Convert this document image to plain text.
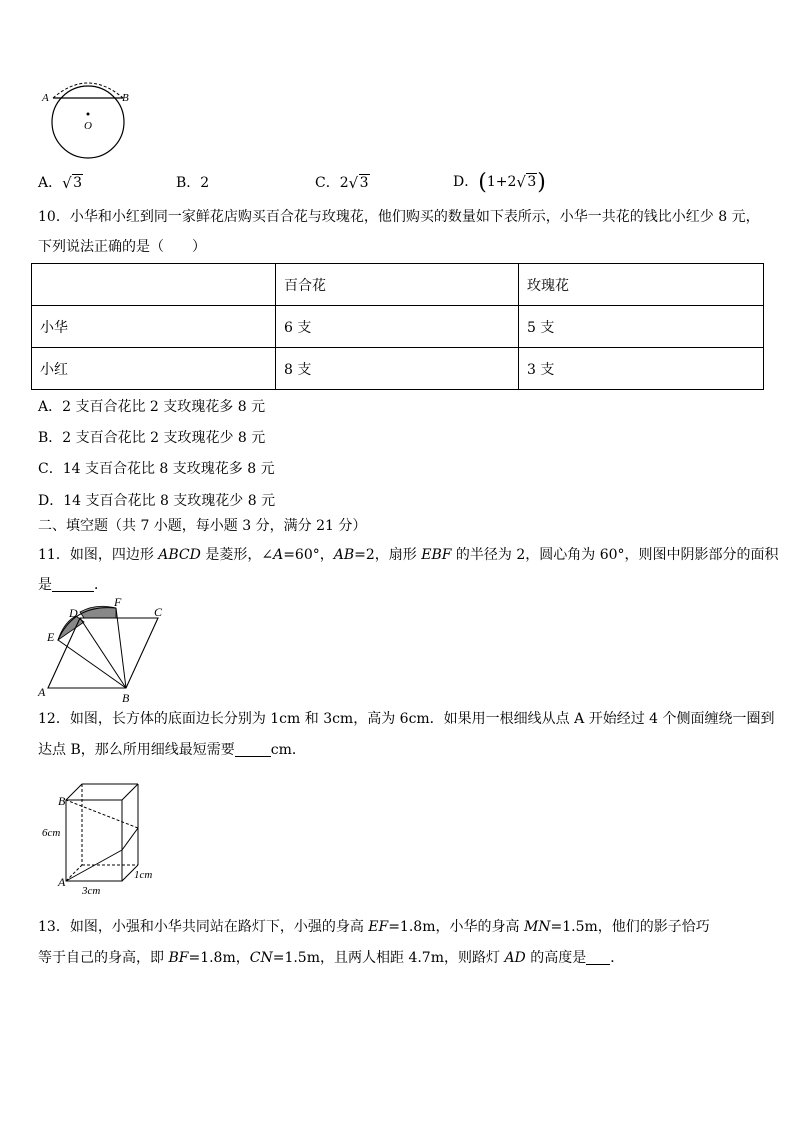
A	B
O
A． √ 3	B．2	C．2 √ 3	D．(1+2 √ 3)
10．小华和小红到同一家鲜花店购买百合花与玫瑰花，他们购买的数量如下表所示，小华一共花的钱比小红少 8 元，
下列说法正确的是（　　）
	百合花	玫瑰花
小华	6 支	5 支
小红	8 支	3 支
A．2 支百合花比 2 支玫瑰花多 8 元
B．2 支百合花比 2 支玫瑰花少 8 元
C．14 支百合花比 8 支玫瑰花多 8 元
D．14 支百合花比 8 支玫瑰花少 8 元
二、填空题（共 7 小题，每小题 3 分，满分 21 分）
11．如图，四边形 ABCD 是菱形，∠A=60°，AB=2，扇形 EBF 的半径为 2，圆心角为 60°，则图中阴影部分的面积
是	．
A	B
C
D
E
F
12．如图，长方体的底面边长分别为 1cm 和 3cm，高为 6cm．如果用一根细线从点 A 开始经过 4 个侧面缠绕一圈到
达点 B，那么所用细线最短需要	cm．
B
A
6cm
3cm
1cm
13．如图，小强和小华共同站在路灯下，小强的身高 EF=1.8m，小华的身高 MN=1.5m，他们的影子恰巧
等于自己的身高，即 BF=1.8m，CN=1.5m，且两人相距 4.7m，则路灯 AD 的高度是 ．
